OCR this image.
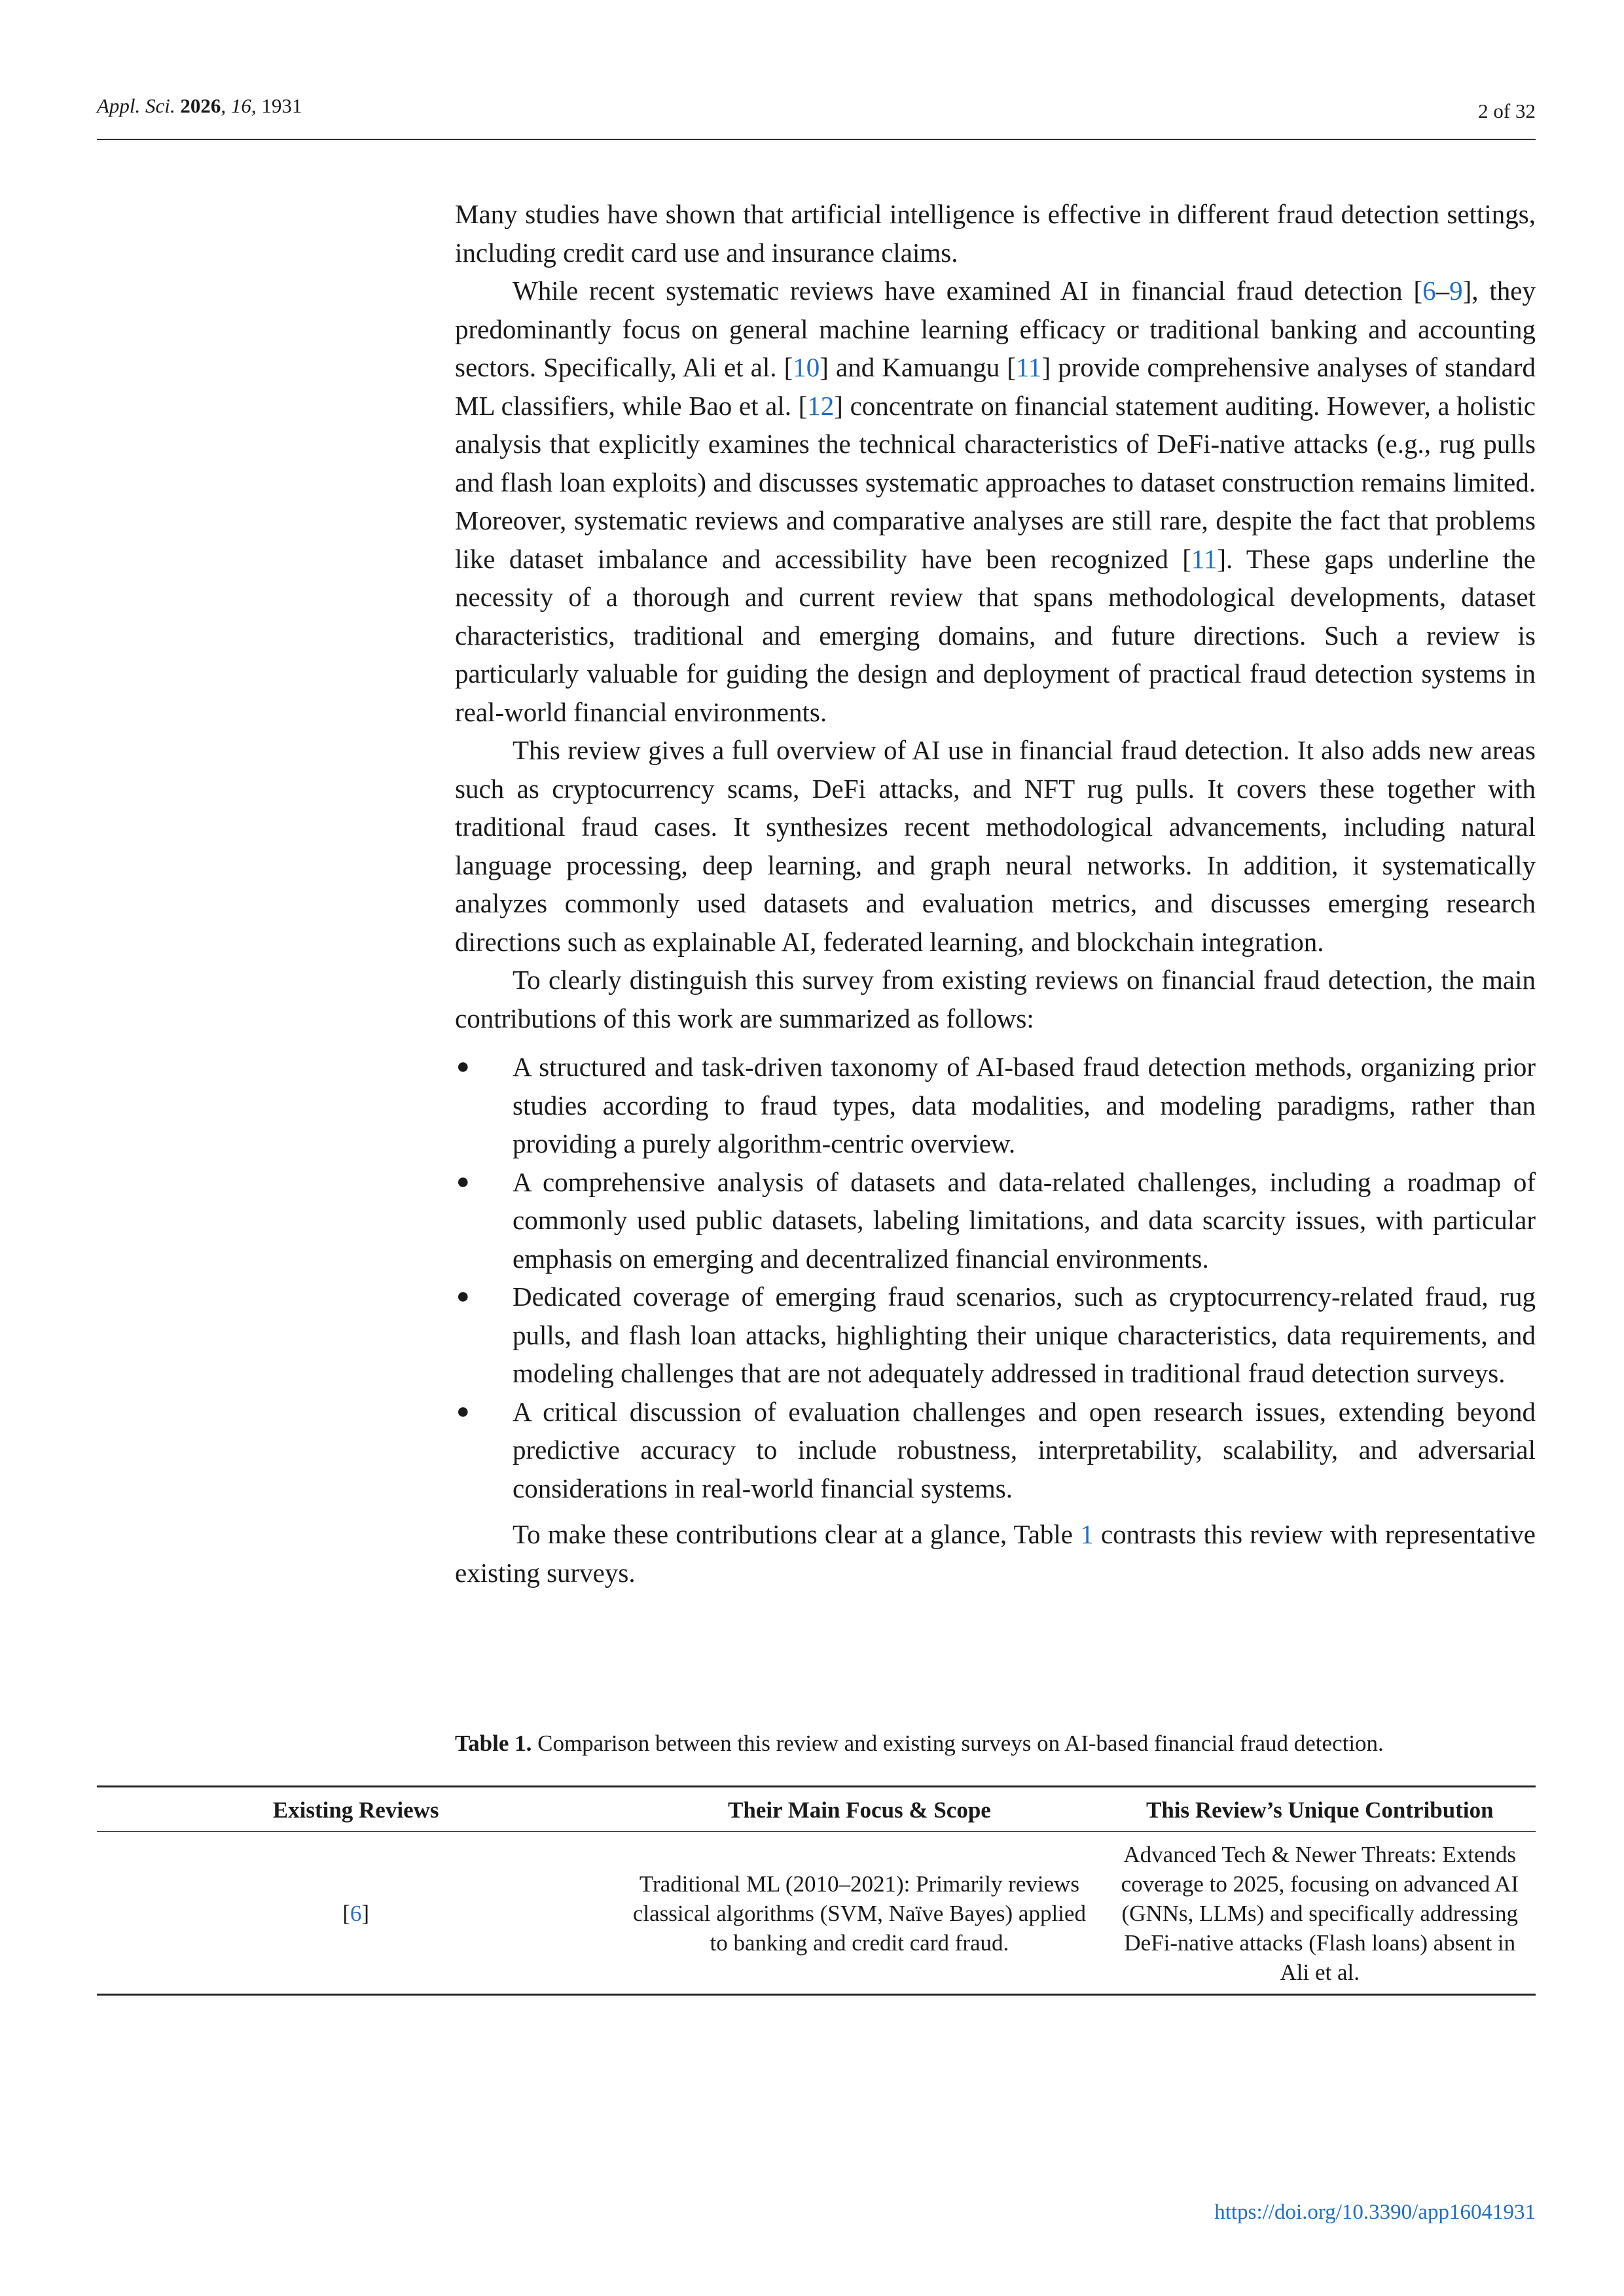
Appl. Sci. 2026, 16, 1931	2 of 32

Many studies have shown that artificial intelligence is effective in different fraud detection settings, including credit card use and insurance claims.

While recent systematic reviews have examined AI in financial fraud detection [6–9], they predominantly focus on general machine learning efficacy or traditional banking and accounting sectors. Specifically, Ali et al. [10] and Kamuangu [11] provide comprehensive analyses of standard ML classifiers, while Bao et al. [12] concentrate on financial statement auditing. However, a holistic analysis that explicitly examines the technical characteristics of DeFi-native attacks (e.g., rug pulls and flash loan exploits) and discusses systematic approaches to dataset construction remains limited. Moreover, systematic reviews and comparative analyses are still rare, despite the fact that problems like dataset imbalance and accessibility have been recognized [11]. These gaps underline the necessity of a thorough and current review that spans methodological developments, dataset characteristics, traditional and emerging domains, and future directions. Such a review is particularly valuable for guiding the design and deployment of practical fraud detection systems in real-world financial environments.

This review gives a full overview of AI use in financial fraud detection. It also adds new areas such as cryptocurrency scams, DeFi attacks, and NFT rug pulls. It covers these together with traditional fraud cases. It synthesizes recent methodological advancements, including natural language processing, deep learning, and graph neural networks. In addition, it systematically analyzes commonly used datasets and evaluation metrics, and discusses emerging research directions such as explainable AI, federated learning, and blockchain integration.

To clearly distinguish this survey from existing reviews on financial fraud detection, the main contributions of this work are summarized as follows:

● A structured and task-driven taxonomy of AI-based fraud detection methods, organizing prior studies according to fraud types, data modalities, and modeling paradigms, rather than providing a purely algorithm-centric overview.
● A comprehensive analysis of datasets and data-related challenges, including a roadmap of commonly used public datasets, labeling limitations, and data scarcity issues, with particular emphasis on emerging and decentralized financial environments.
● Dedicated coverage of emerging fraud scenarios, such as cryptocurrency-related fraud, rug pulls, and flash loan attacks, highlighting their unique characteristics, data requirements, and modeling challenges that are not adequately addressed in traditional fraud detection surveys.
● A critical discussion of evaluation challenges and open research issues, extending beyond predictive accuracy to include robustness, interpretability, scalability, and adversarial considerations in real-world financial systems.

To make these contributions clear at a glance, Table 1 contrasts this review with representative existing surveys.

Table 1. Comparison between this review and existing surveys on AI-based financial fraud detection.
Existing Reviews	Their Main Focus & Scope	This Review’s Unique Contribution
[6]	Traditional ML (2010–2021): Primarily reviews classical algorithms (SVM, Naïve Bayes) applied to banking and credit card fraud.	Advanced Tech & Newer Threats: Extends coverage to 2025, focusing on advanced AI (GNNs, LLMs) and specifically addressing DeFi-native attacks (Flash loans) absent in Ali et al.
https://doi.org/10.3390/app16041931
